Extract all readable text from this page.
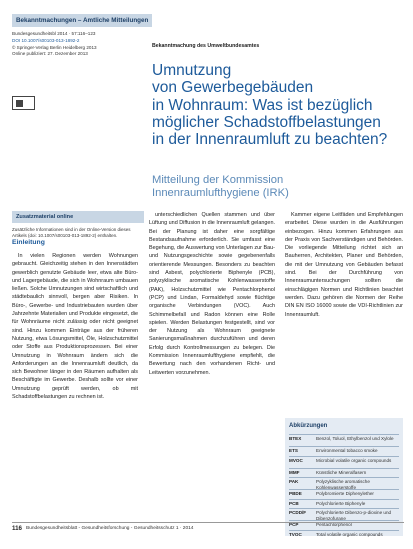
Bekanntmachungen – Amtliche Mitteilungen
Bundesgesundheitsbl 2014 · 57:116–123
DOI 10.1007/s00103-013-1892-2
© Springer-Verlag Berlin Heidelberg 2013
Online publiziert: 27. Dezember 2013
Bekanntmachung des Umweltbundesamtes
Umnutzung
von Gewerbegebäuden
in Wohnraum: Was ist bezüglich
möglicher Schadstoffbelastungen
in der Innenraumluft zu beachten?
Mitteilung der Kommission
Innenraumlufthygiene (IRK)
Zusatzmaterial online
Zusätzliche Informationen sind in der Online-Version dieses Artikels (doi: 10.1007/s00103-013-1892-2) enthalten.
Einleitung

In vielen Regionen werden Wohnungen gebraucht. Gleichzeitig stehen in den Innenstädten gewerblich genutzte Gebäude leer, etwa alte Büro- und Lagergebäude, die sich in Wohnraum umbauen ließen. Solche Umnutzungen sind wirtschaftlich und städtebaulich sinnvoll, bergen aber Risiken. In Büro-, Gewerbe- und Industriebauten wurden über Jahrzehnte Materialien und Produkte eingesetzt, die für Wohnräume nicht zulässig oder nicht geeignet sind. Hinzu kommen Einträge aus der früheren Nutzung, etwa Lösungsmittel, Öle, Holzschutzmittel oder Stoffe aus Produktionsprozessen. Bei einer Umnutzung in Wohnraum ändern sich die Anforderungen an die Innenraumluft deutlich, da sich Bewohner länger in den Räumen aufhalten als Beschäftigte im Gewerbe. Deshalb sollte vor einer Umnutzung geprüft werden, ob mit Schadstoffbelastungen zu rechnen ist.

unterschiedlichen Quellen stammen und über Lüftung und Diffusion in die Innenraumluft gelangen. Bei der Planung ist daher eine sorgfältige Bestandsaufnahme erforderlich. Sie umfasst eine Begehung, die Auswertung von Unterlagen zur Bau- und Nutzungsgeschichte sowie gegebenenfalls orientierende Messungen. Besonders zu beachten sind Asbest, polychlorierte Biphenyle (PCB), polyzyklische aromatische Kohlenwasserstoffe (PAK), Holzschutzmittel wie Pentachlorphenol (PCP) und Lindan, Formaldehyd sowie flüchtige organische Verbindungen (VOC). Auch Schimmelbefall und Radon können eine Rolle spielen. Werden Belastungen festgestellt, sind vor der Nutzung als Wohnraum geeignete Sanierungsmaßnahmen durchzuführen und deren Erfolg durch Kontrollmessungen zu belegen. Die Kommission Innenraumlufthygiene empfiehlt, die Bewertung nach den vorhandenen Richt- und Leitwerten vorzunehmen.

Kammer eigene Leitfäden und Empfehlungen erarbeitet. Diese wurden in die Ausführungen einbezogen. Hinzu kommen Erfahrungen aus der Praxis von Sachverständigen und Behörden. Die vorliegende Mitteilung richtet sich an Bauherren, Architekten, Planer und Behörden, die mit der Umnutzung von Gebäuden befasst sind. Bei der Durchführung von Innenraumuntersuchungen sollten die einschlägigen Normen und Richtlinien beachtet werden. Dazu gehören die Normen der Reihe DIN EN ISO 16000 sowie die VDI-Richtlinien zur Innenraumluft.

Abkürzungen
BTEX	Benzol, Toluol, Ethylbenzol und Xylole
ETS	Environmental tobacco smoke
MVOC	Microbial volatile organic compounds
MMF	Künstliche Mineralfasern
PAK	Polyzyklische aromatische Kohlenwasserstoffe
PBDE	Polybromierte Diphenylether
PCB	Polychlorierte Biphenyle
PCDD/F	Polychlorierte Dibenzo-p-dioxine und Dibenzofurane
PCP	Pentachlorphenol
TVOC	Total volatile organic compounds
116 Bundesgesundheitsblatt - Gesundheitsforschung - Gesundheitsschutz 1 · 2014
